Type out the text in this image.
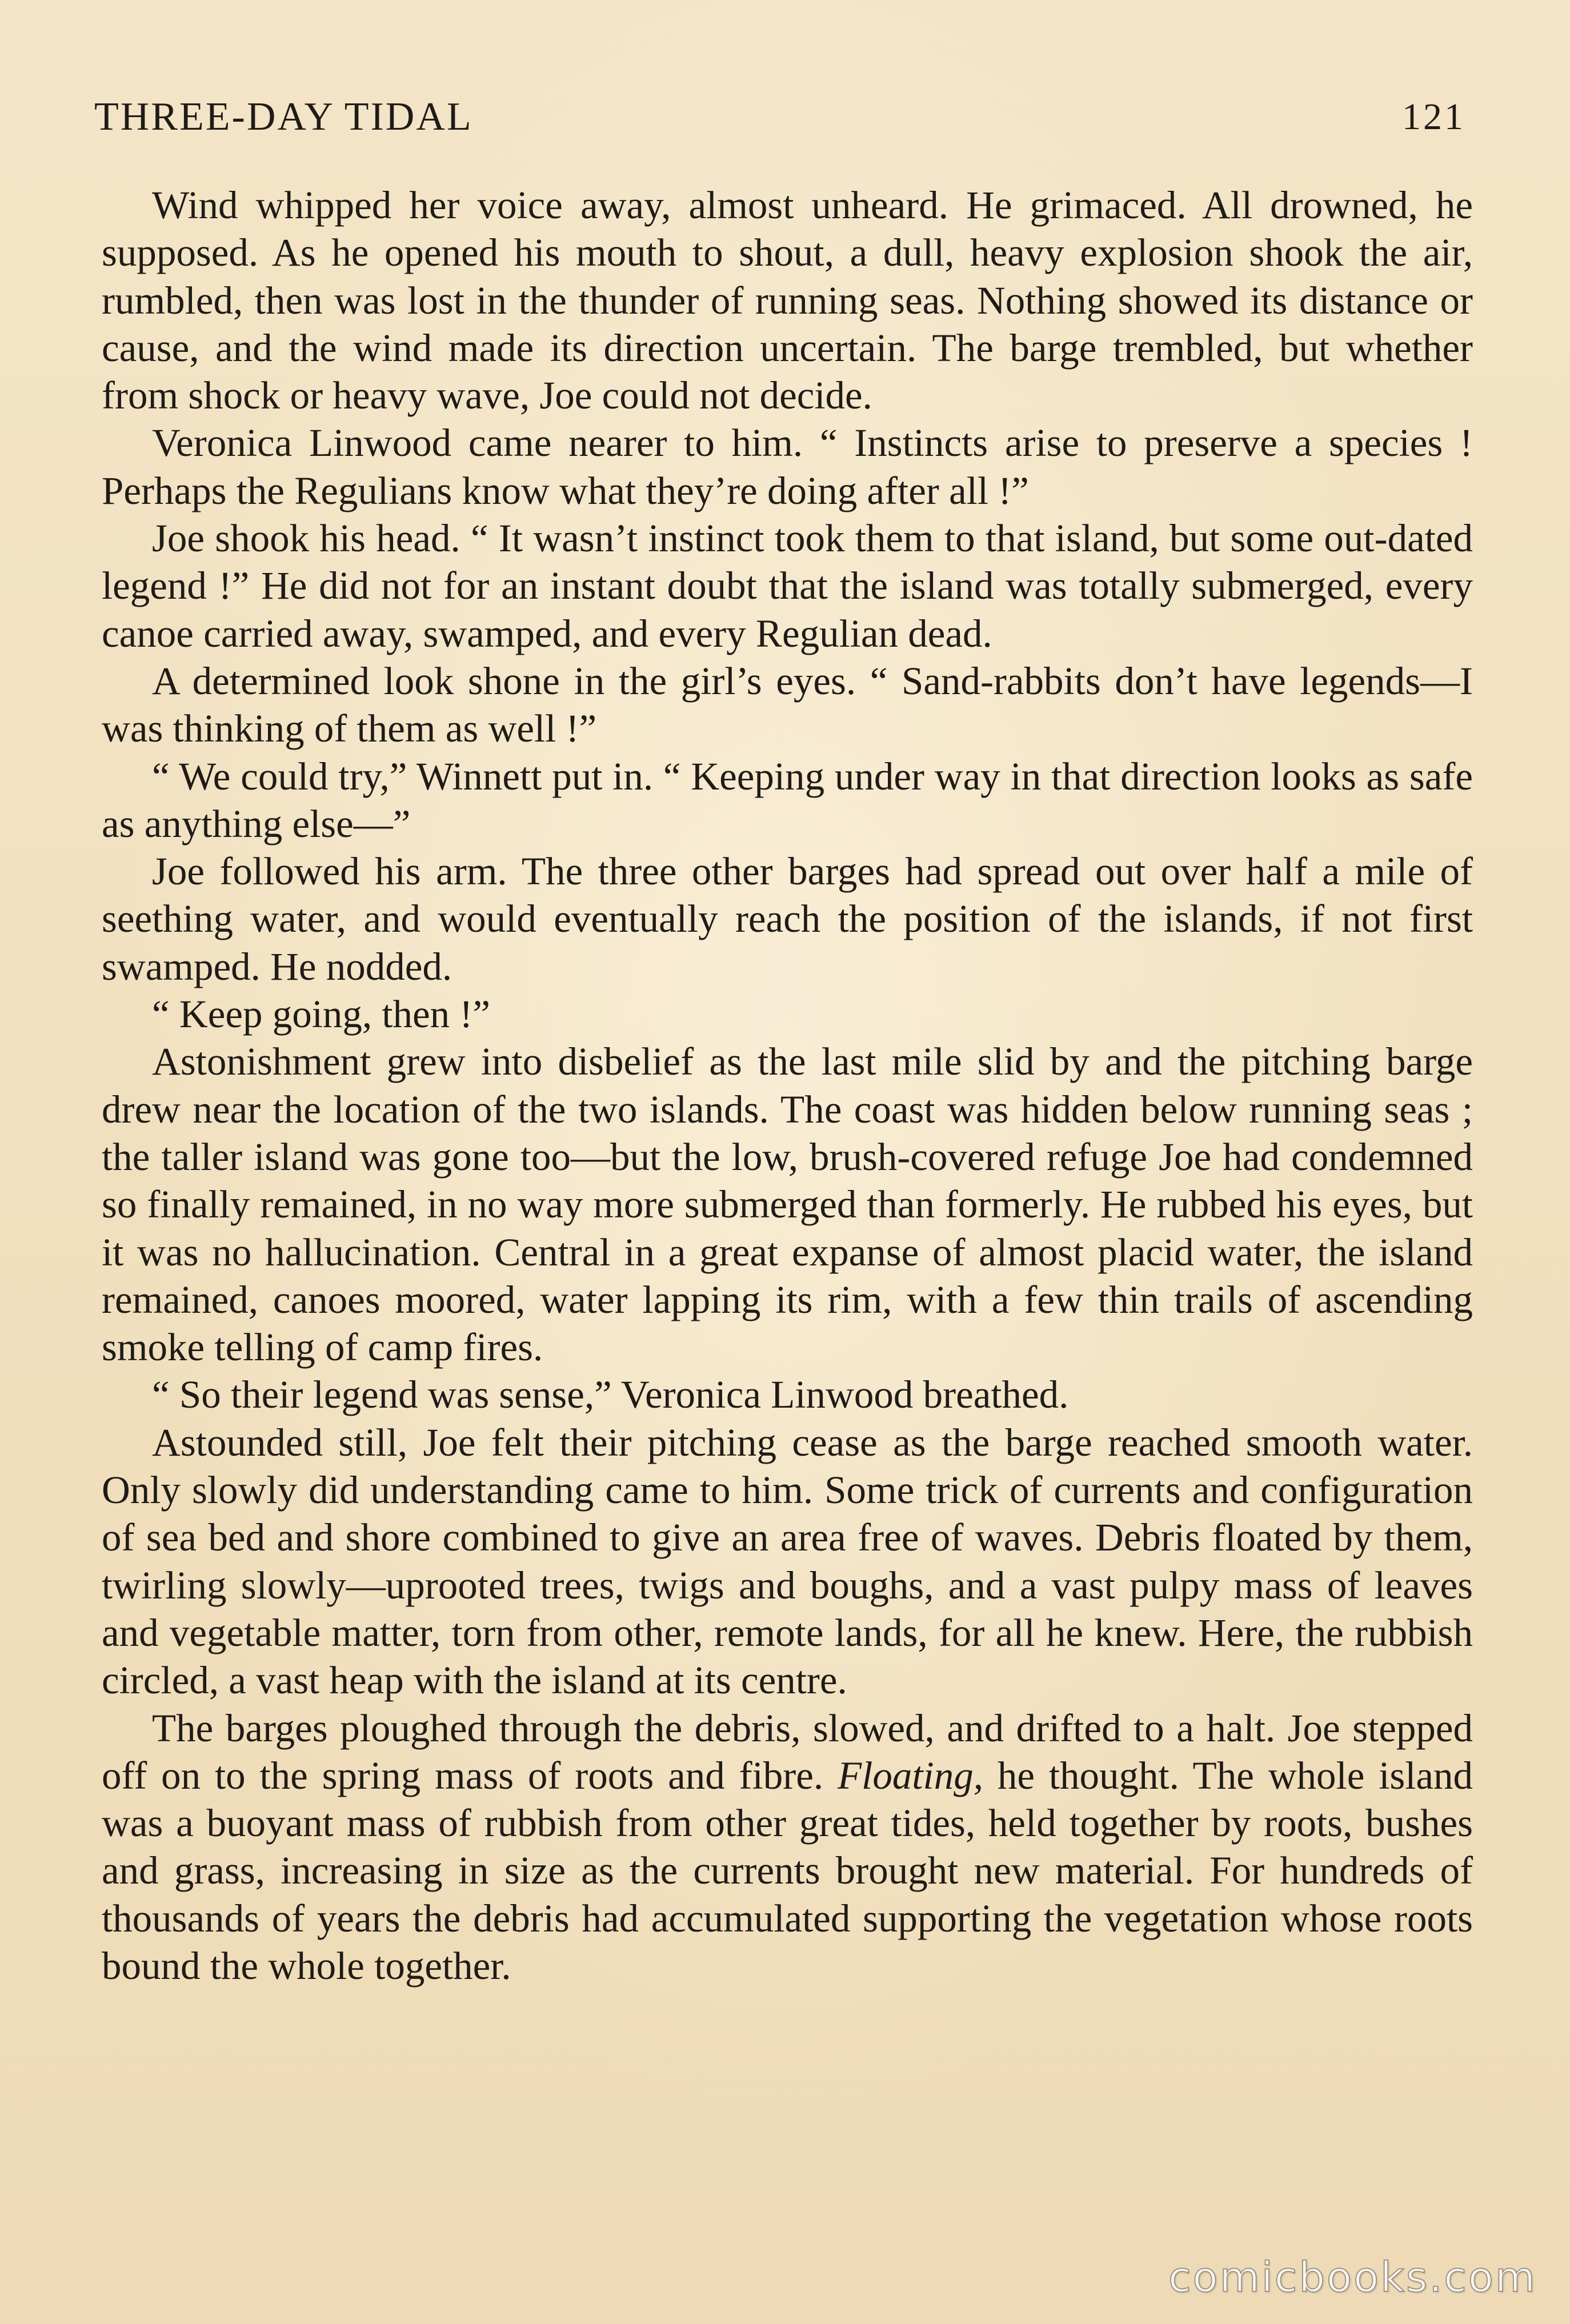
THREE-DAY TIDAL	121

Wind whipped her voice away, almost unheard. He grimaced. All drowned, he supposed. As he opened his mouth to shout, a dull, heavy explosion shook the air, rumbled, then was lost in the thunder of running seas. Nothing showed its distance or cause, and the wind made its direction uncertain. The barge trembled, but whether from shock or heavy wave, Joe could not decide.

Veronica Linwood came nearer to him. “ Instincts arise to preserve a species ! Perhaps the Regulians know what they’re doing after all !”

Joe shook his head. “ It wasn’t instinct took them to that island, but some out-dated legend !” He did not for an instant doubt that the island was totally submerged, every canoe carried away, swamped, and every Regulian dead.

A determined look shone in the girl’s eyes. “ Sand-rabbits don’t have legends—I was thinking of them as well !”

“ We could try,” Winnett put in. “ Keeping under way in that direction looks as safe as anything else—”

Joe followed his arm. The three other barges had spread out over half a mile of seething water, and would eventually reach the position of the islands, if not first swamped. He nodded.

“ Keep going, then !”

Astonishment grew into disbelief as the last mile slid by and the pitching barge drew near the location of the two islands. The coast was hidden below running seas ; the taller island was gone too—but the low, brush-covered refuge Joe had condemned so finally remained, in no way more submerged than formerly. He rubbed his eyes, but it was no hallucination. Central in a great expanse of almost placid water, the island remained, canoes moored, water lapping its rim, with a few thin trails of ascending smoke telling of camp fires.

“ So their legend was sense,” Veronica Linwood breathed.

Astounded still, Joe felt their pitching cease as the barge reached smooth water. Only slowly did understanding came to him. Some trick of currents and configuration of sea bed and shore combined to give an area free of waves. Debris floated by them, twirling slowly—uprooted trees, twigs and boughs, and a vast pulpy mass of leaves and vegetable matter, torn from other, remote lands, for all he knew. Here, the rubbish circled, a vast heap with the island at its centre.

The barges ploughed through the debris, slowed, and drifted to a halt. Joe stepped off on to the spring mass of roots and fibre. Floating, he thought. The whole island was a buoyant mass of rubbish from other great tides, held together by roots, bushes and grass, increasing in size as the currents brought new material. For hundreds of thousands of years the debris had accumulated supporting the vegetation whose roots bound the whole together.

comicbooks.com
